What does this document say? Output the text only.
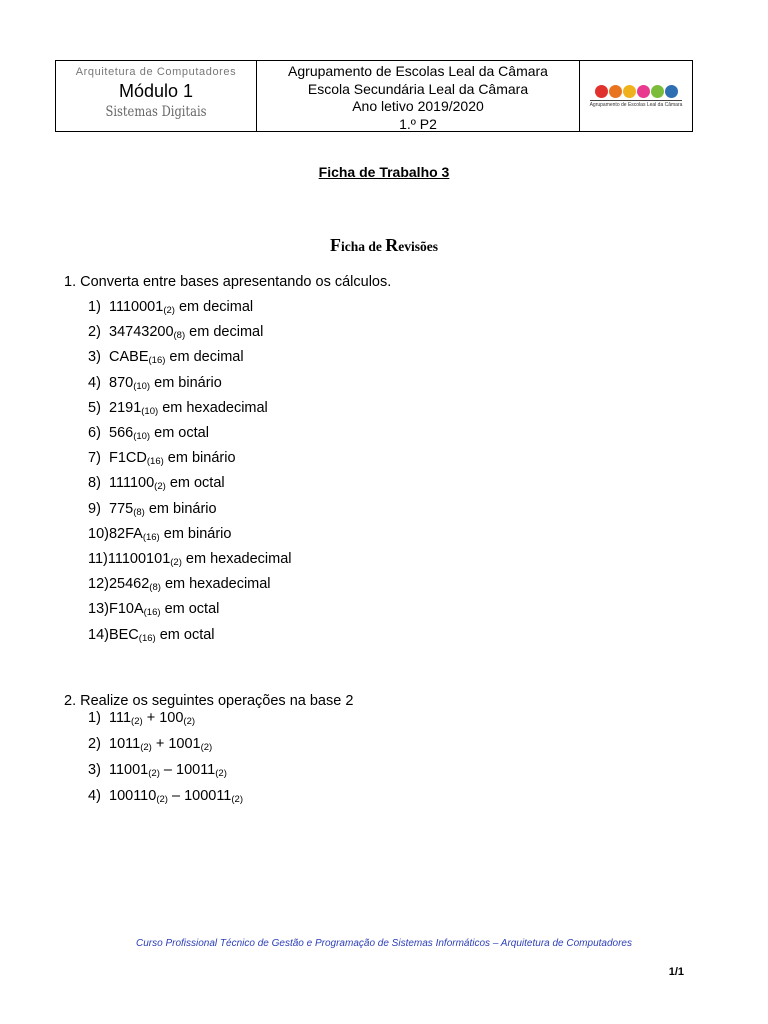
Arquitetura de Computadores
Módulo 1
Sistemas Digitais
Agrupamento de Escolas Leal da Câmara
Escola Secundária Leal da Câmara
Ano letivo 2019/2020
1.º P2
Agrupamento de Escolas Leal da Câmara
Ficha de Trabalho 3
Ficha de Revisões
1. Converta entre bases apresentando os cálculos.
1) $1110001_{(2)}$ em decimal
2) $34743200_{(8)}$ em decimal
3) $CABE_{(16)}$ em decimal
4) $870_{(10)}$ em binário
5) $2191_{(10)}$ em hexadecimal
6) $566_{(10)}$ em octal
7) $F1CD_{(16)}$ em binário
8) $111100_{(2)}$ em octal
9) $775_{(8)}$ em binário
$10)82FA_{(16)}$ em binário
$11)11100101_{(2)}$ em hexadecimal
$12)25462_{(8)}$ em hexadecimal
$13)F10A_{(16)}$ em octal
$14)BEC_{(16)}$ em octal
2. Realize os seguintes operações na base 2
1) $111_{(2)} + 100_{(2)}$
2) $1011_{(2)} + 1001_{(2)}$
3) $11001_{(2)} - 10011_{(2)}$
4) $100110_{(2)} - 100011_{(2)}$
Curso Profissional Técnico de Gestão e Programação de Sistemas Informáticos – Arquitetura de Computadores
1/1
